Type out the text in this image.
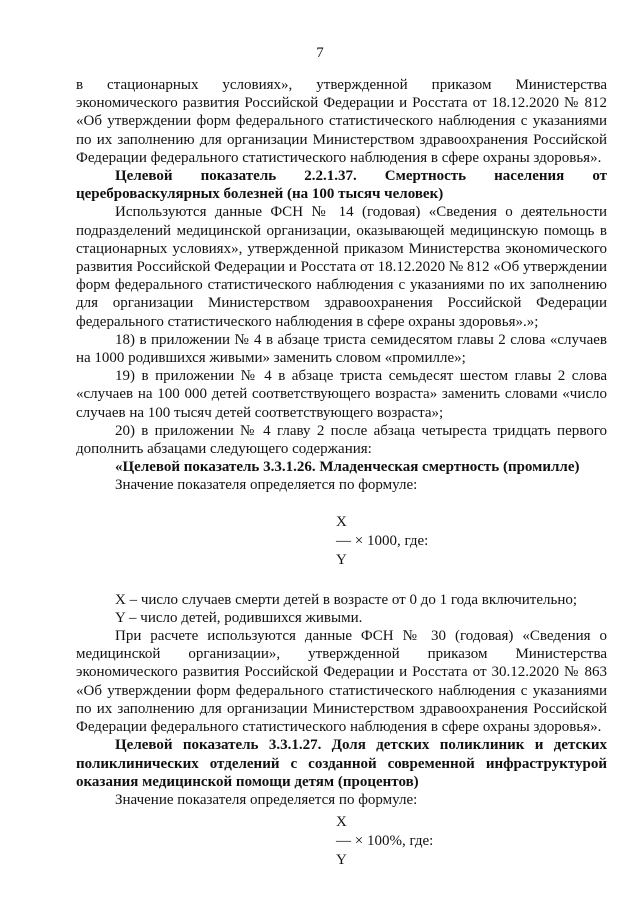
7

в стационарных условиях», утвержденной приказом Министерства экономического развития Российской Федерации и Росстата от 18.12.2020 № 812 «Об утверждении форм федерального статистического наблюдения с указаниями по их заполнению для организации Министерством здравоохранения Российской Федерации федерального статистического наблюдения в сфере охраны здоровья».

Целевой показатель 2.2.1.37. Смертность населения от цереброваскулярных болезней (на 100 тысяч человек)

Используются данные ФСН № 14 (годовая) «Сведения о деятельности подразделений медицинской организации, оказывающей медицинскую помощь в стационарных условиях», утвержденной приказом Министерства экономического развития Российской Федерации и Росстата от 18.12.2020 № 812 «Об утверждении форм федерального статистического наблюдения с указаниями по их заполнению для организации Министерством здравоохранения Российской Федерации федерального статистического наблюдения в сфере охраны здоровья».»;

18) в приложении № 4 в абзаце триста семидесятом главы 2 слова «случаев на 1000 родившихся живыми» заменить словом «промилле»;

19) в приложении № 4 в абзаце триста семьдесят шестом главы 2 слова «случаев на 100 000 детей соответствующего возраста» заменить словами «число случаев на 100 тысяч детей соответствующего возраста»;

20) в приложении № 4 главу 2 после абзаца четыреста тридцать первого дополнить абзацами следующего содержания:

«Целевой показатель 3.3.1.26. Младенческая смертность (промилле)

Значение показателя определяется по формуле:

X
— × 1000, где:
Y

X – число случаев смерти детей в возрасте от 0 до 1 года включительно;

Y – число детей, родившихся живыми.

При расчете используются данные ФСН № 30 (годовая) «Сведения о медицинской организации», утвержденной приказом Министерства экономического развития Российской Федерации и Росстата от 30.12.2020 № 863 «Об утверждении форм федерального статистического наблюдения с указаниями по их заполнению для организации Министерством здравоохранения Российской Федерации федерального статистического наблюдения в сфере охраны здоровья».

Целевой показатель 3.3.1.27. Доля детских поликлиник и детских поликлинических отделений с созданной современной инфраструктурой оказания медицинской помощи детям (процентов)

Значение показателя определяется по формуле:

X
— × 100%, где:
Y
